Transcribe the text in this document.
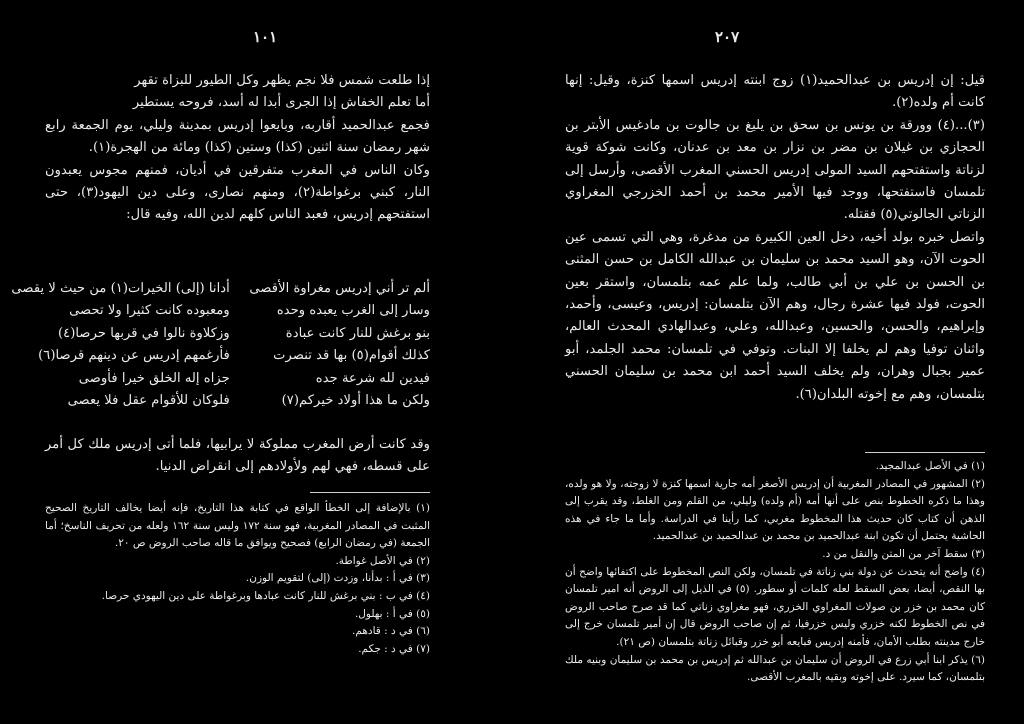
١٠١

إذا طلعت شمس فلا نجم يظهر وكل الطيور للبزاة تقهر

أما تعلم الخفاش إذا الجرى أبدا له أسد، فروحه يستطير

فجمع عبدالحميد أقاربه، وبايعوا إدريس بمدينة وليلي، يوم الجمعة رابع شهر رمضان سنة اثنين (كذا) وستين (كذا) ومائة من الهجرة(١).

وكان الناس في المغرب متفرقين في أديان، فمنهم مجوس يعبدون النار، كبني برغواطة(٢)، ومنهم نصارى، وعلى دين اليهود(٣)، حتى استفتحهم إدريس، فعبد الناس كلهم لدين الله، وفيه قال:

ألم تر أني إدريس مغراوة الأقصى
أدانا (إلى) الخيرات(١) من حيث لا يقصى
وسار إلى الغرب يعبده وحده
ومعبوده كانت كثيرا ولا تحصى
بنو برغش للنار كانت عبادة
وزكلاوة نالوا في قربها حرصا(٤)
كذلك أقوام(٥) بها قد تنصرت
فأرغمهم إدريس عن دينهم قرصا(٦)
فيدين لله شرعة جده
جزاه إله الخلق خيرا فأوصى
ولكن ما هذا أولاد خيركم(٧)
فلوكان للأقوام عقل فلا يعصى
وقد كانت أرض المغرب مملوكة لا يرابيها، فلما أتى إدريس ملك كل أمر على قسطه، فهي لهم ولأولادهم إلى انقراض الدنيا.

(١) بالإضافة إلى الخطأ الواقع في كتابة هذا التاريخ، فإنه أيضا يخالف التاريخ الصحيح المثبت في المصادر المغربية، فهو سنة ١٧٢ وليس سنة ١٦٢ ولعله من تحريف الناسخ؛ أما الجمعة (في رمضان الرابع) فصحيح ويوافق ما قاله صاحب الروض ص ٢٠.

(٢) في الأصل غواطة.

(٣) في أ : بدأنا، وزدت (إلى) لتقويم الوزن.

(٤) في ب : بني برغش للنار كانت عبادها وبرغواطة على دين اليهودي حرصا.

(٥) في أ : بهلول.

(٦) في د : قادهم.

(٧) في د : جكم.

٢٠٧

قيل: إن إدريس بن عبدالحميد(١) زوج ابنته إدريس اسمها كنزة، وقيل: إنها كانت أم ولده(٢).

(٣)...(٤) وورقة بن يونس بن سحق بن يليغ بن جالوت بن مادغيس الأبتر بن الحجازي بن غيلان بن مضر بن نزار بن معد بن عدنان، وكانت شوكة قوية لزناتة واستفتحهم السيد المولى إدريس الحسني المغرب الأقصى، وأرسل إلى تلمسان فاستفتحها، ووجد فيها الأمير محمد بن أحمد الخزرجي المغراوي الزناتي الجالوتي(٥) فقتله.

واتصل خبره بولد أخيه، دخل العين الكبيرة من مدغرة، وهي التي تسمى عين الحوت الآن، وهو السيد محمد بن سليمان بن عبدالله الكامل بن حسن المثنى بن الحسن بن علي بن أبي طالب، ولما علم عمه بتلمسان، واستقر بعين الحوت، فولد فيها عشرة رجال، وهم الآن بتلمسان: إدريس، وعيسى، وأحمد، وإبراهيم، والحسن، والحسين، وعبدالله، وعلي، وعبدالهادي المحدث العالم، واثنان توفيا وهم لم يخلفا إلا البنات. وتوفي في تلمسان: محمد الجلمد، أبو عمير بجبال وهران، ولم يخلف السيد أحمد ابن محمد بن سليمان الحسني بتلمسان، وهم مع إخوته البلدان(٦).

(١) في الأصل عبدالمجيد.

(٢) المشهور في المصادر المغربية أن إدريس الأصغر أمه جارية اسمها كنزة لا زوجته، ولا هو ولده، وهذا ما ذكره الخطوط بنص على أنها أمه (أم ولده) وليلي، من القلم ومن الغلط، وقد يقرب إلى الذهن أن كتاب كان حديث هذا المخطوط مغربي، كما رأينا في الدراسة. وأما ما جاء في هذه الحاشية يحتمل أن تكون ابنة عبدالحميد بن محمد بن عبدالحميد بن عبدالحميد.

(٣) سقط آخر من المتن والنقل من د.

(٤) واضح أنه يتحدث عن دولة بني زناتة في تلمسان، ولكن النص المخطوط على اكتفائها واضح أن بها النقص، أيضا، بعض السقط لعله كلمات أو سطور. (٥) في الذيل إلى الروض أنه امير تلمسان كان محمد بن خزر بن صولات المغراوي الخزري، فهو مغراوي زناتي كما قد صرح صاحب الروض في نص الخطوط لكنه خزري وليس خزرفيا، ثم إن صاحب الروض قال إن أمير تلمسان خرج إلى خارج مدينته بطلب الأمان، فأمنه إدريس فبايعه أبو خزر وقبائل زناتة بتلمسان (ص ٢١).

(٦) يذكر ابنا أبي زرع في الروض أن سليمان بن عبدالله ثم إدريس بن محمد بن سليمان وبنيه ملك بتلمسان، كما سيرد. على إخوته وبقيه بالمغرب الأقصى.
